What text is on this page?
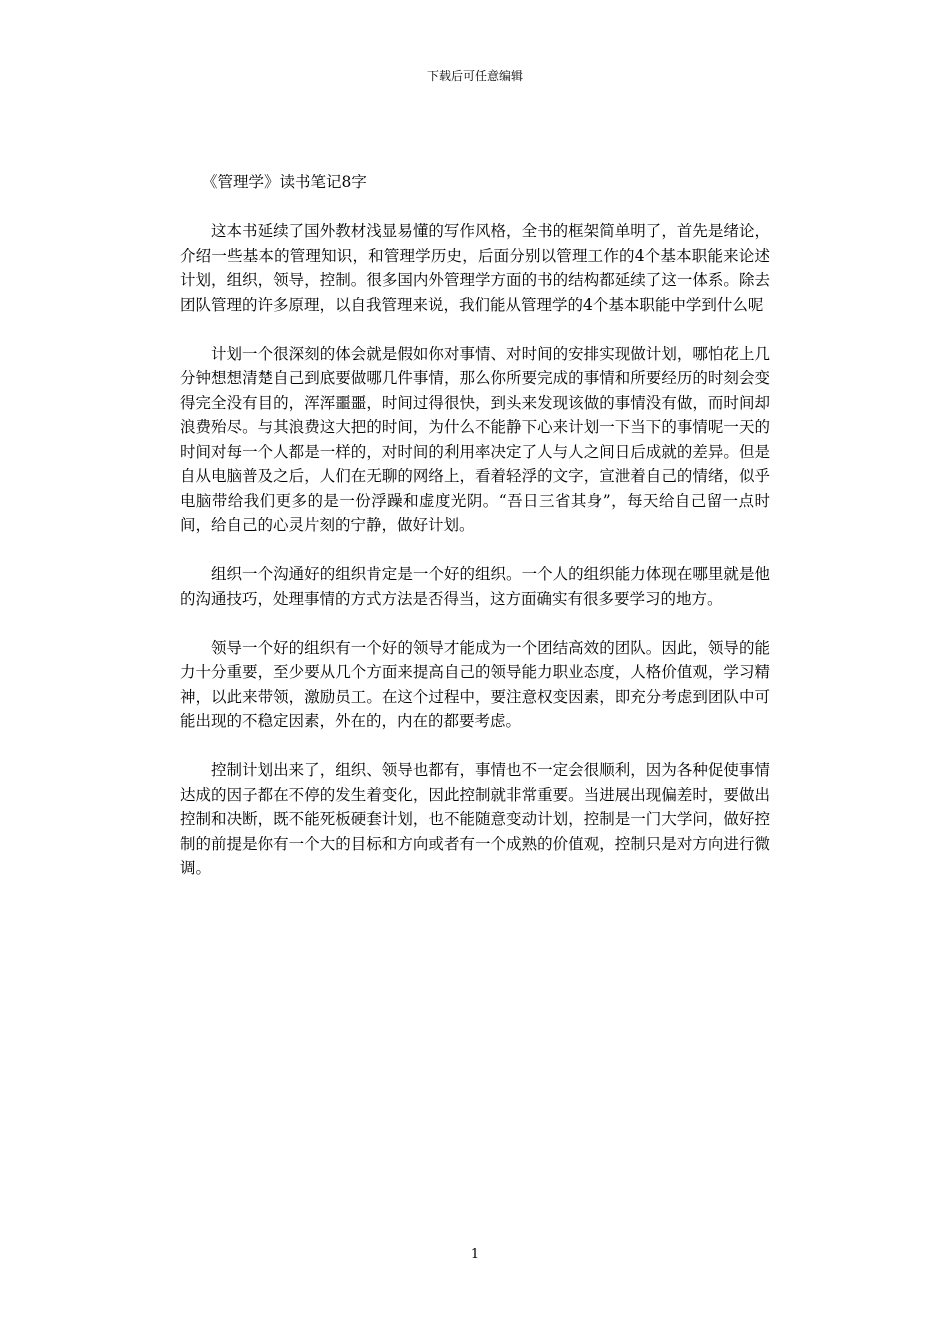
下载后可任意编辑
《管理学》读书笔记8字

这本书延续了国外教材浅显易懂的写作风格，全书的框架简单明了，首先是绪论，介绍一些基本的管理知识，和管理学历史，后面分别以管理工作的4个基本职能来论述计划，组织，领导，控制。很多国内外管理学方面的书的结构都延续了这一体系。除去团队管理的许多原理，以自我管理来说，我们能从管理学的4个基本职能中学到什么呢

计划一个很深刻的体会就是假如你对事情、对时间的安排实现做计划，哪怕花上几分钟想想清楚自己到底要做哪几件事情，那么你所要完成的事情和所要经历的时刻会变得完全没有目的，浑浑噩噩，时间过得很快，到头来发现该做的事情没有做，而时间却浪费殆尽。与其浪费这大把的时间，为什么不能静下心来计划一下当下的事情呢一天的时间对每一个人都是一样的，对时间的利用率决定了人与人之间日后成就的差异。但是自从电脑普及之后，人们在无聊的网络上，看着轻浮的文字，宣泄着自己的情绪，似乎电脑带给我们更多的是一份浮躁和虚度光阴。“吾日三省其身”，每天给自己留一点时间，给自己的心灵片刻的宁静，做好计划。

组织一个沟通好的组织肯定是一个好的组织。一个人的组织能力体现在哪里就是他的沟通技巧，处理事情的方式方法是否得当，这方面确实有很多要学习的地方。

领导一个好的组织有一个好的领导才能成为一个团结高效的团队。因此，领导的能力十分重要，至少要从几个方面来提高自己的领导能力职业态度，人格价值观，学习精神，以此来带领，激励员工。在这个过程中，要注意权变因素，即充分考虑到团队中可能出现的不稳定因素，外在的，内在的都要考虑。

控制计划出来了，组织、领导也都有，事情也不一定会很顺利，因为各种促使事情达成的因子都在不停的发生着变化，因此控制就非常重要。当进展出现偏差时，要做出控制和决断，既不能死板硬套计划，也不能随意变动计划，控制是一门大学问，做好控制的前提是你有一个大的目标和方向或者有一个成熟的价值观，控制只是对方向进行微调。

1
